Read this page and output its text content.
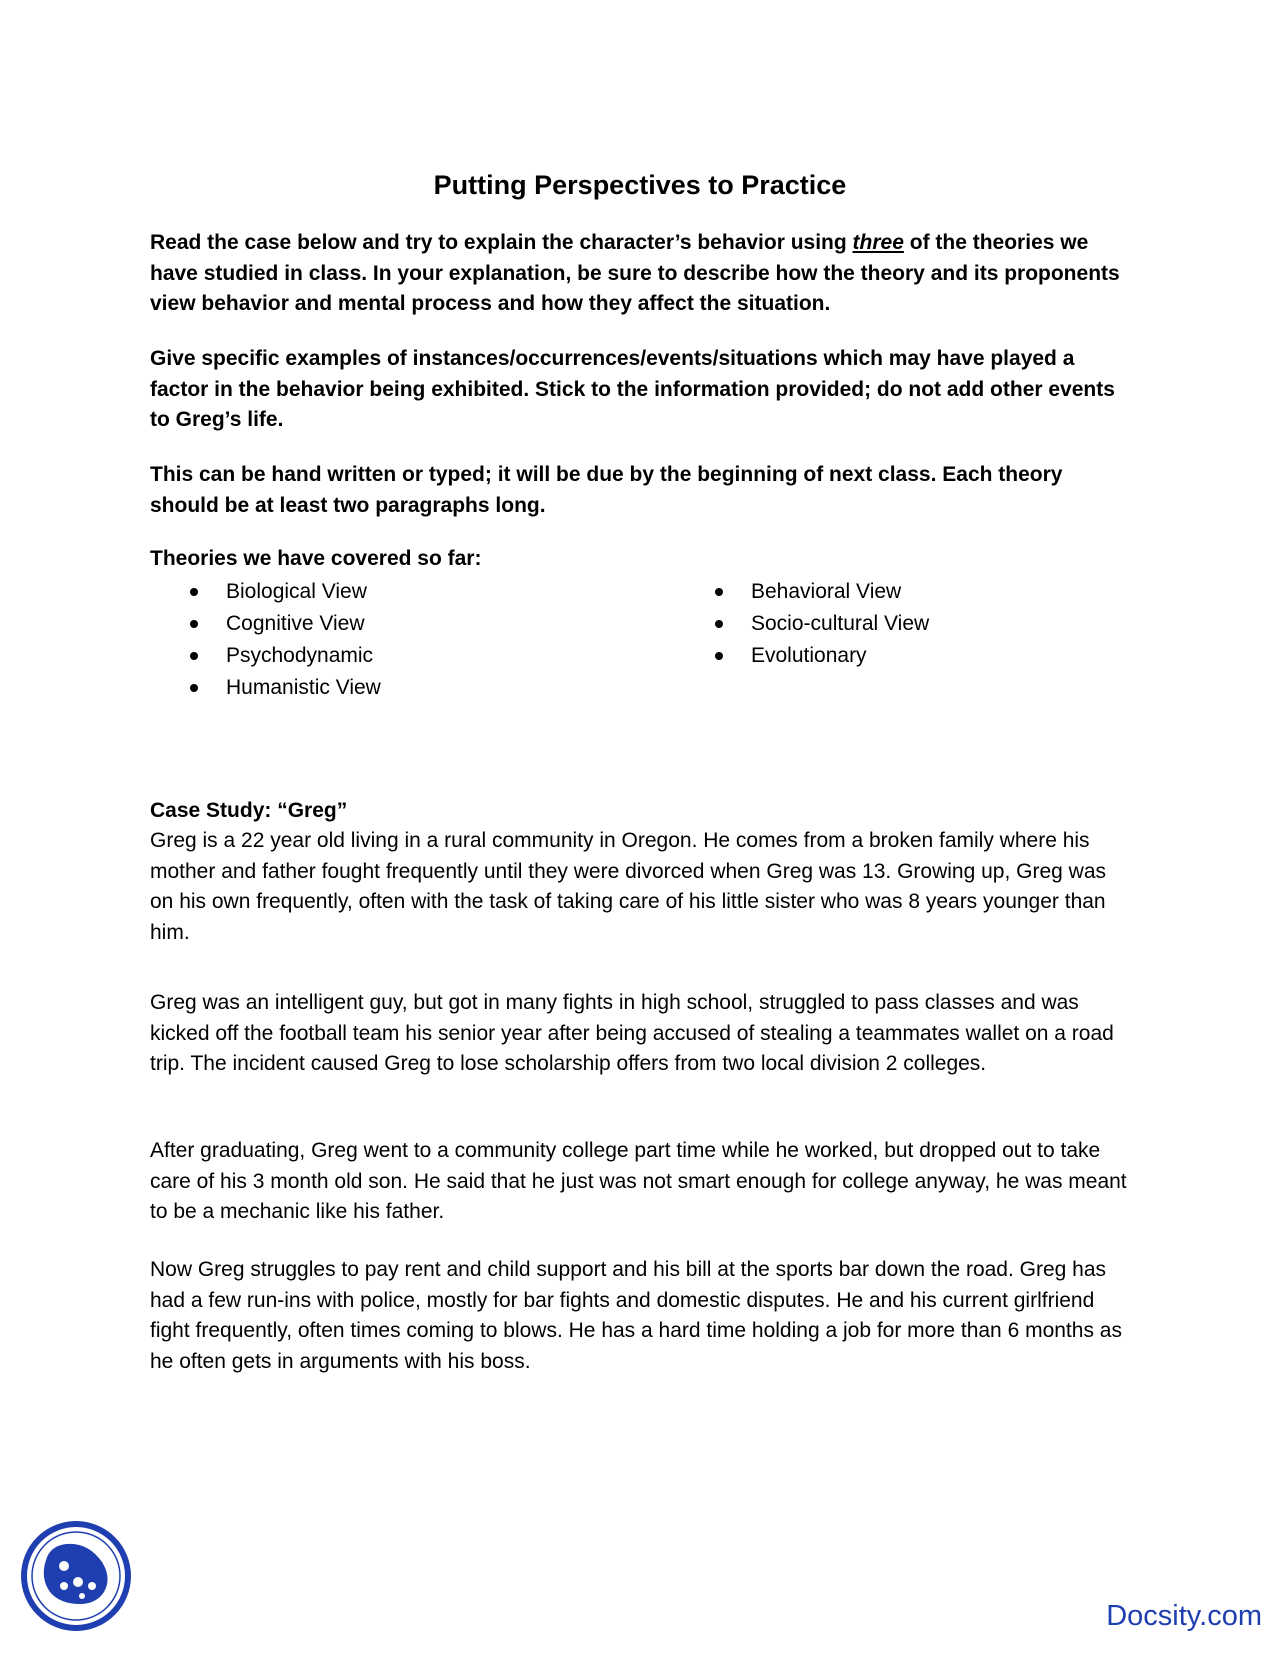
Putting Perspectives to Practice

Read the case below and try to explain the character’s behavior using three of the theories we have studied in class. In your explanation, be sure to describe how the theory and its proponents view behavior and mental process and how they affect the situation.

Give specific examples of instances/occurrences/events/situations which may have played a factor in the behavior being exhibited. Stick to the information provided; do not add other events to Greg’s life.

This can be hand written or typed; it will be due by the beginning of next class. Each theory should be at least two paragraphs long.

Theories we have covered so far:

Biological View
Cognitive View
Psychodynamic
Humanistic View
Behavioral View
Socio-cultural View
Evolutionary

Case Study: “Greg”

Greg is a 22 year old living in a rural community in Oregon. He comes from a broken family where his mother and father fought frequently until they were divorced when Greg was 13. Growing up, Greg was on his own frequently, often with the task of taking care of his little sister who was 8 years younger than him.

Greg was an intelligent guy, but got in many fights in high school, struggled to pass classes and was kicked off the football team his senior year after being accused of stealing a teammates wallet on a road trip. The incident caused Greg to lose scholarship offers from two local division 2 colleges.

After graduating, Greg went to a community college part time while he worked, but dropped out to take care of his 3 month old son. He said that he just was not smart enough for college anyway, he was meant to be a mechanic like his father.

Now Greg struggles to pay rent and child support and his bill at the sports bar down the road. Greg has had a few run-ins with police, mostly for bar fights and domestic disputes. He and his current girlfriend fight frequently, often times coming to blows. He has a hard time holding a job for more than 6 months as he often gets in arguments with his boss.

Docsity.com
